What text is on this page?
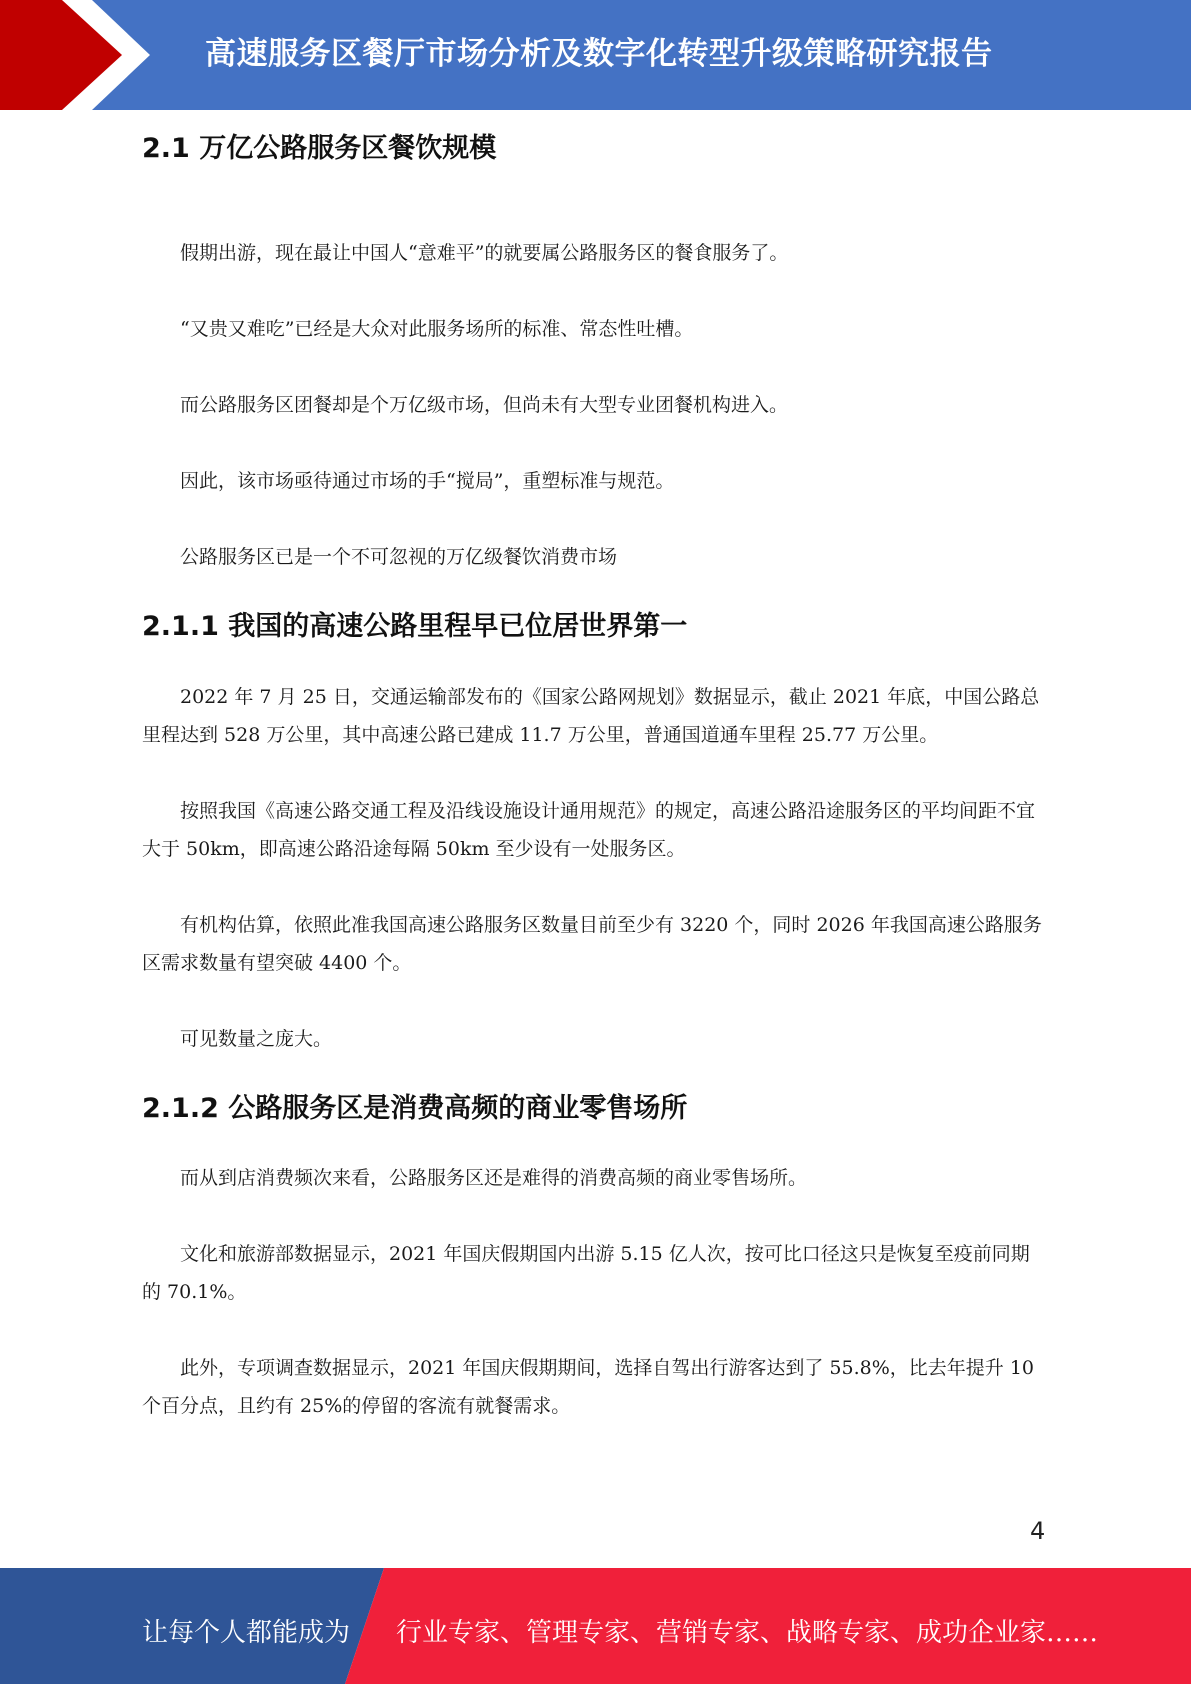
高速服务区餐厅市场分析及数字化转型升级策略研究报告
2.1 万亿公路服务区餐饮规模

假期出游，现在最让中国人“意难平”的就要属公路服务区的餐食服务了。

“又贵又难吃”已经是大众对此服务场所的标准、常态性吐槽。

而公路服务区团餐却是个万亿级市场，但尚未有大型专业团餐机构进入。

因此，该市场亟待通过市场的手“搅局”，重塑标准与规范。

公路服务区已是一个不可忽视的万亿级餐饮消费市场

2.1.1 我国的高速公路里程早已位居世界第一

2022 年 7 月 25 日，交通运输部发布的《国家公路网规划》数据显示，截止 2021 年底，中国公路总里程达到 528 万公里，其中高速公路已建成 11.7 万公里，普通国道通车里程 25.77 万公里。

按照我国《高速公路交通工程及沿线设施设计通用规范》的规定，高速公路沿途服务区的平均间距不宜大于 50km，即高速公路沿途每隔 50km 至少设有一处服务区。

有机构估算，依照此准我国高速公路服务区数量目前至少有 3220 个，同时 2026 年我国高速公路服务区需求数量有望突破 4400 个。

可见数量之庞大。

2.1.2 公路服务区是消费高频的商业零售场所

而从到店消费频次来看，公路服务区还是难得的消费高频的商业零售场所。

文化和旅游部数据显示，2021 年国庆假期国内出游 5.15 亿人次，按可比口径这只是恢复至疫前同期的 70.1%。

此外，专项调查数据显示，2021 年国庆假期期间，选择自驾出行游客达到了 55.8%，比去年提升 10 个百分点，且约有 25%的停留的客流有就餐需求。

4
让每个人都能成为 行业专家、管理专家、营销专家、战略专家、成功企业家……
